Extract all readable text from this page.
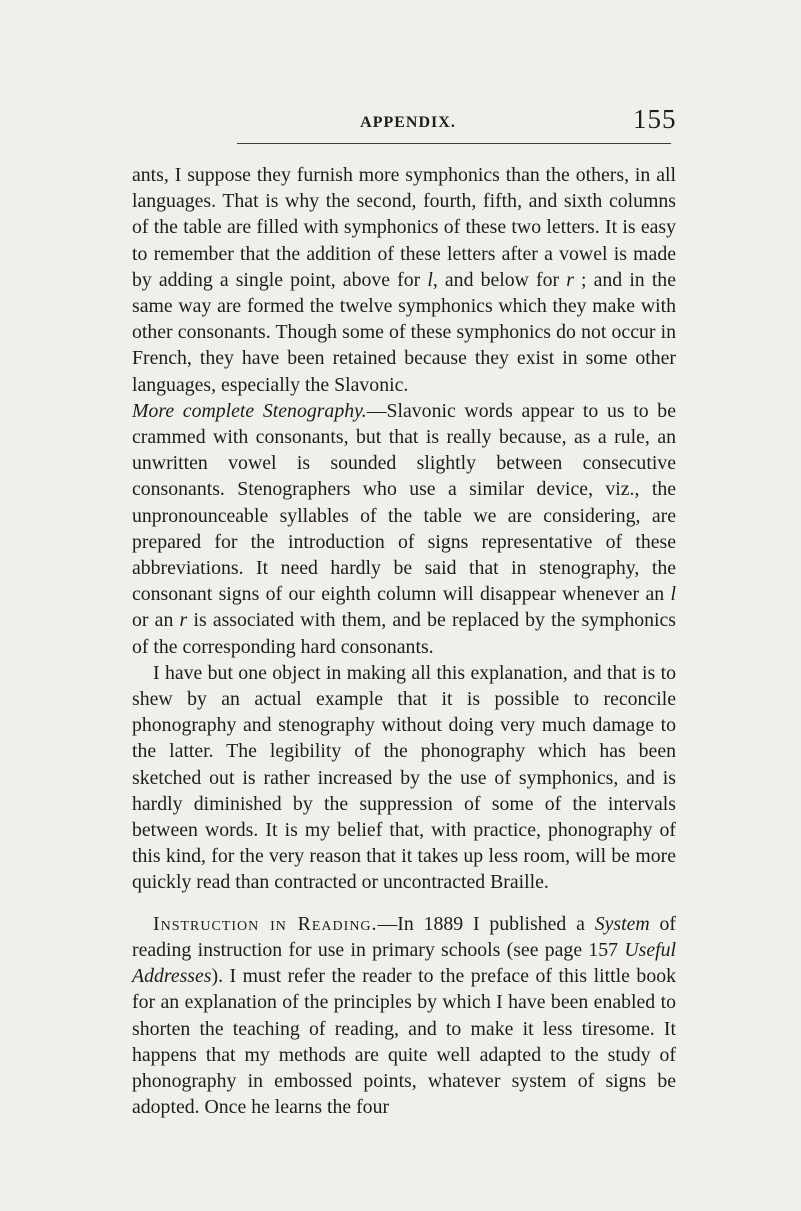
APPENDIX.	155

ants, I suppose they furnish more symphonics than the others, in all languages. That is why the second, fourth, fifth, and sixth columns of the table are filled with symphonics of these two letters. It is easy to remember that the addition of these letters after a vowel is made by adding a single point, above for l, and below for r ; and in the same way are formed the twelve symphonics which they make with other consonants. Though some of these symphonics do not occur in French, they have been retained because they exist in some other languages, especially the Slavonic.

More complete Stenography.—Slavonic words appear to us to be crammed with consonants, but that is really because, as a rule, an unwritten vowel is sounded slightly between consecutive consonants. Stenographers who use a similar device, viz., the unpronounceable syllables of the table we are considering, are prepared for the introduction of signs representative of these abbreviations. It need hardly be said that in stenography, the consonant signs of our eighth column will disappear whenever an l or an r is associated with them, and be replaced by the symphonics of the corresponding hard consonants.

I have but one object in making all this explanation, and that is to shew by an actual example that it is possible to reconcile phonography and stenography without doing very much damage to the latter. The legibility of the phonography which has been sketched out is rather increased by the use of symphonics, and is hardly diminished by the suppression of some of the intervals between words. It is my belief that, with practice, phonography of this kind, for the very reason that it takes up less room, will be more quickly read than contracted or uncontracted Braille.

Instruction in Reading.—In 1889 I published a System of reading instruction for use in primary schools (see page 157 Useful Addresses). I must refer the reader to the preface of this little book for an explanation of the principles by which I have been enabled to shorten the teaching of reading, and to make it less tiresome. It happens that my methods are quite well adapted to the study of phonography in embossed points, whatever system of signs be adopted. Once he learns the four
